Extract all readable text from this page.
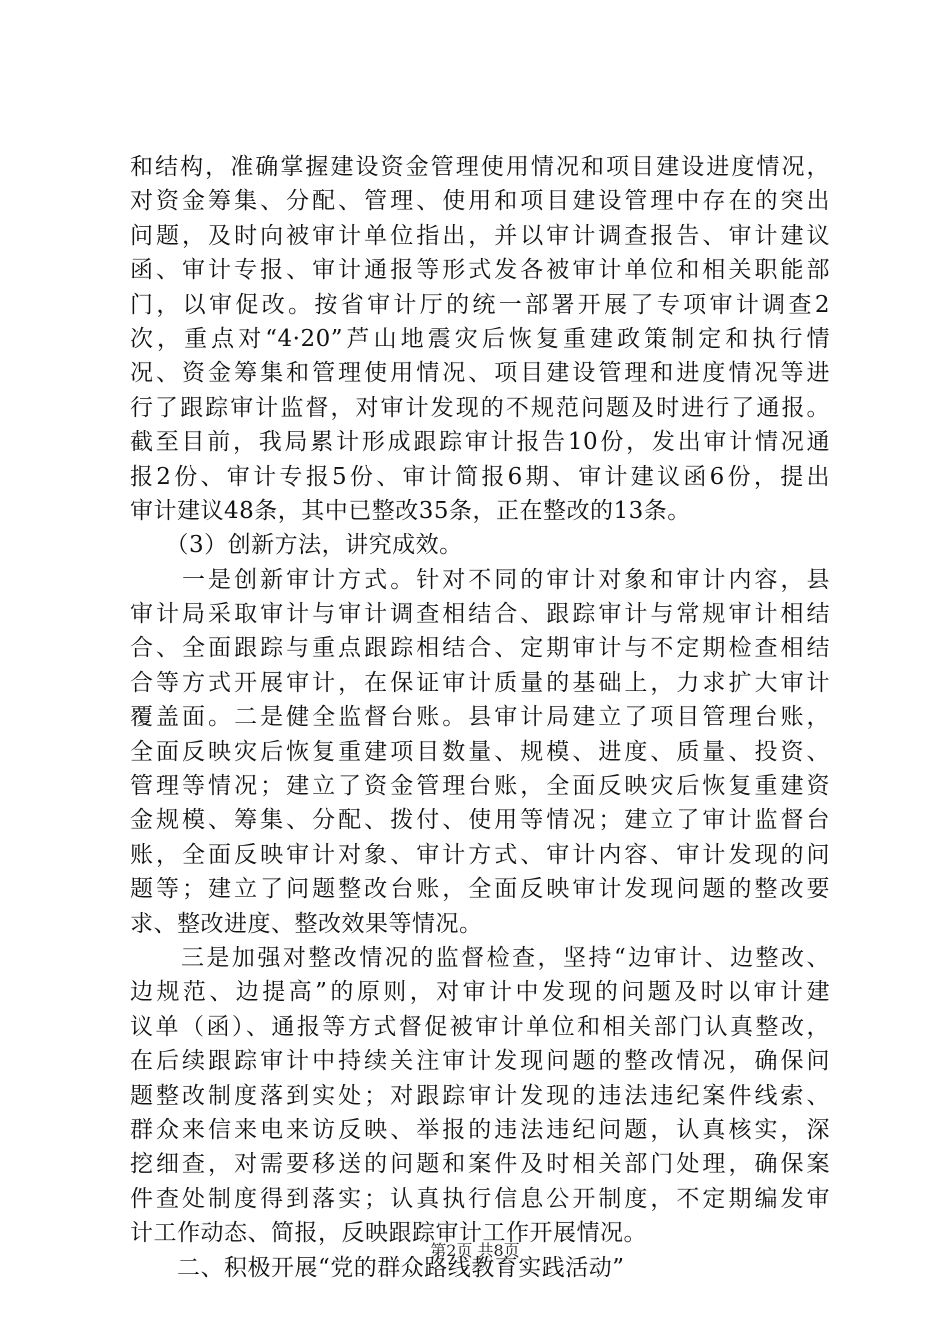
和结构，准确掌握建设资金管理使用情况和项目建设进度情况，
对资金筹集、分配、管理、使用和项目建设管理中存在的突出
问题，及时向被审计单位指出，并以审计调查报告、审计建议
函、审计专报、审计通报等形式发各被审计单位和相关职能部
门，以审促改。按省审计厅的统一部署开展了专项审计调查2
次，重点对“4·20”芦山地震灾后恢复重建政策制定和执行情
况、资金筹集和管理使用情况、项目建设管理和进度情况等进
行了跟踪审计监督，对审计发现的不规范问题及时进行了通报。
截至目前，我局累计形成跟踪审计报告10份，发出审计情况通
报2份、审计专报5份、审计简报6期、审计建议函6份，提出
审计建议48条，其中已整改35条，正在整改的13条。
　　（3）创新方法，讲究成效。
　　一是创新审计方式。针对不同的审计对象和审计内容，县
审计局采取审计与审计调查相结合、跟踪审计与常规审计相结
合、全面跟踪与重点跟踪相结合、定期审计与不定期检查相结
合等方式开展审计，在保证审计质量的基础上，力求扩大审计
覆盖面。二是健全监督台账。县审计局建立了项目管理台账，
全面反映灾后恢复重建项目数量、规模、进度、质量、投资、
管理等情况；建立了资金管理台账，全面反映灾后恢复重建资
金规模、筹集、分配、拨付、使用等情况；建立了审计监督台
账，全面反映审计对象、审计方式、审计内容、审计发现的问
题等；建立了问题整改台账，全面反映审计发现问题的整改要
求、整改进度、整改效果等情况。
　　三是加强对整改情况的监督检查，坚持“边审计、边整改、
边规范、边提高”的原则，对审计中发现的问题及时以审计建
议单（函）、通报等方式督促被审计单位和相关部门认真整改，
在后续跟踪审计中持续关注审计发现问题的整改情况，确保问
题整改制度落到实处；对跟踪审计发现的违法违纪案件线索、
群众来信来电来访反映、举报的违法违纪问题，认真核实，深
挖细查，对需要移送的问题和案件及时相关部门处理，确保案
件查处制度得到落实；认真执行信息公开制度，不定期编发审
计工作动态、简报，反映跟踪审计工作开展情况。
　　二、积极开展“党的群众路线教育实践活动”
第2页 共8页
